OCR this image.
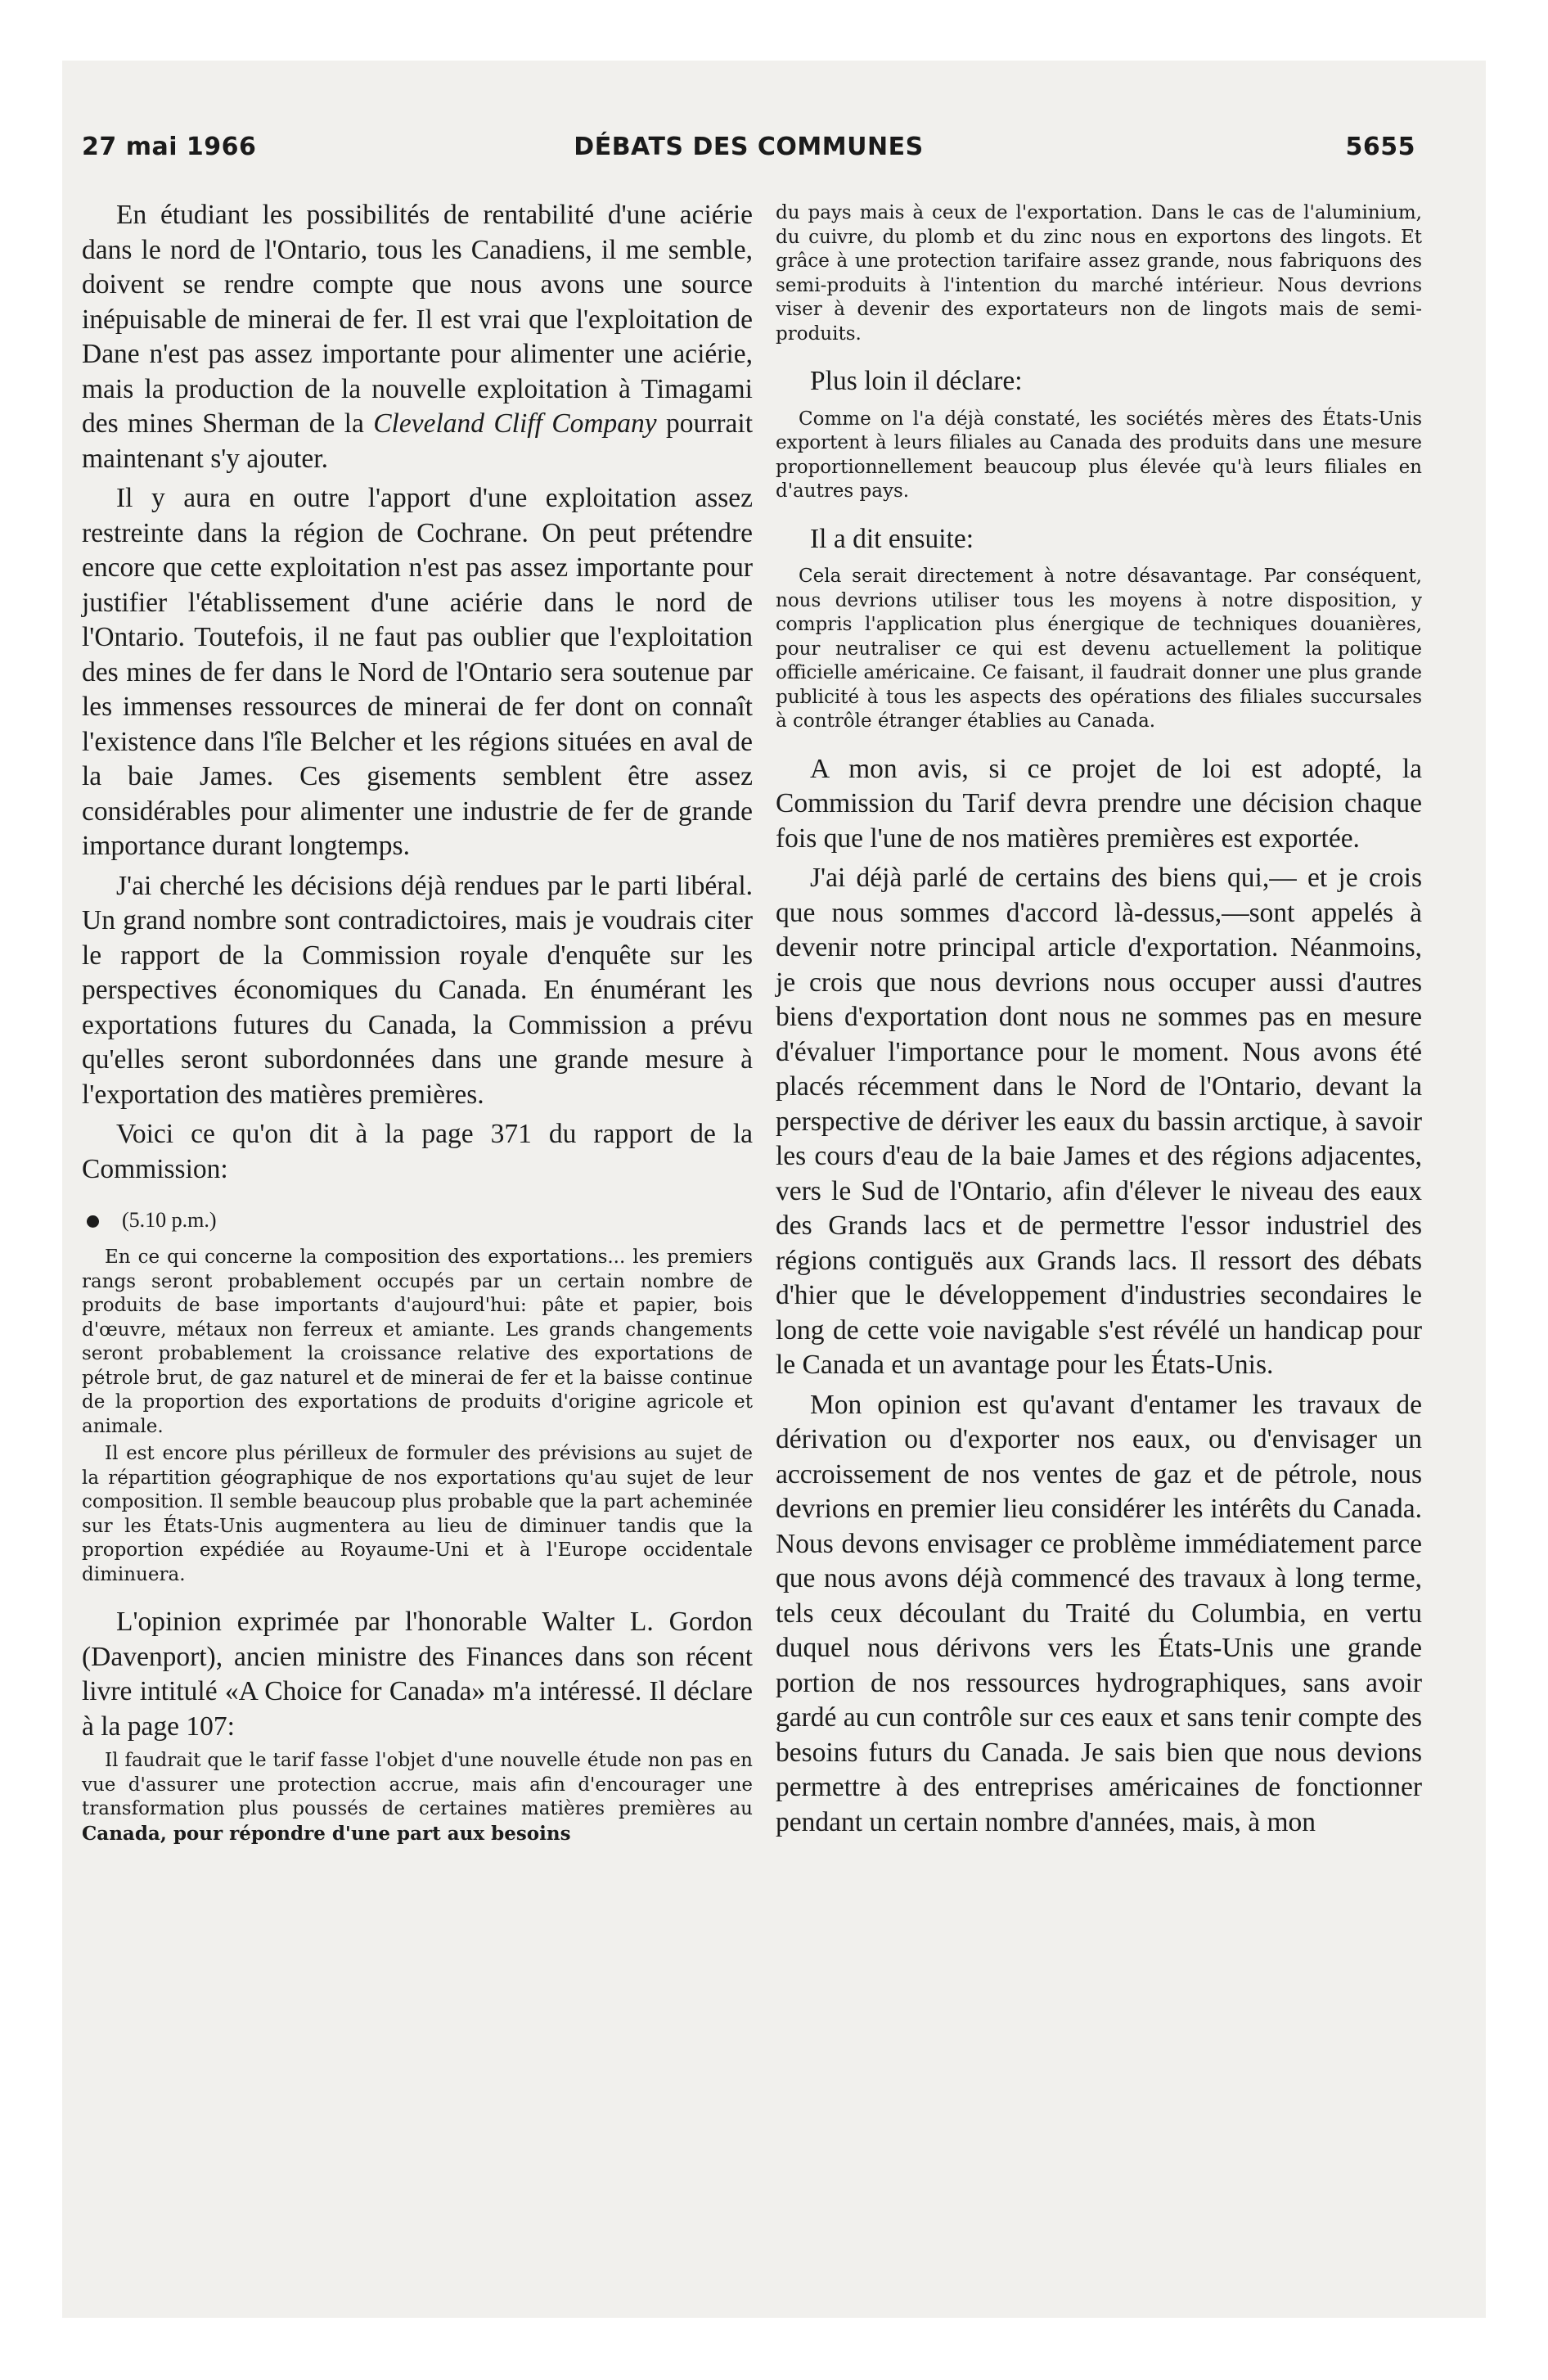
27 mai 1966	DÉBATS DES COMMUNES	5655

En étudiant les possibilités de rentabilité d'une aciérie dans le nord de l'Ontario, tous les Canadiens, il me semble, doivent se rendre compte que nous avons une source inépuisable de minerai de fer. Il est vrai que l'exploitation de Dane n'est pas assez importante pour alimenter une aciérie, mais la production de la nouvelle exploitation à Timagami des mines Sherman de la Cleveland Cliff Company pourrait maintenant s'y ajouter.

Il y aura en outre l'apport d'une exploitation assez restreinte dans la région de Cochrane. On peut prétendre encore que cette exploitation n'est pas assez importante pour justifier l'établissement d'une aciérie dans le nord de l'Ontario. Toutefois, il ne faut pas oublier que l'exploitation des mines de fer dans le Nord de l'Ontario sera soutenue par les immenses ressources de minerai de fer dont on connaît l'existence dans l'île Belcher et les régions situées en aval de la baie James. Ces gisements semblent être assez considérables pour alimenter une industrie de fer de grande importance durant longtemps.

J'ai cherché les décisions déjà rendues par le parti libéral. Un grand nombre sont contradictoires, mais je voudrais citer le rapport de la Commission royale d'enquête sur les perspectives économiques du Canada. En énumérant les exportations futures du Canada, la Commission a prévu qu'elles seront subordonnées dans une grande mesure à l'exportation des matières premières.

Voici ce qu'on dit à la page 371 du rapport de la Commission:

(5.10 p.m.)

En ce qui concerne la composition des exportations... les premiers rangs seront probablement occupés par un certain nombre de produits de base importants d'aujourd'hui: pâte et papier, bois d'œuvre, métaux non ferreux et amiante. Les grands changements seront probablement la croissance relative des exportations de pétrole brut, de gaz naturel et de minerai de fer et la baisse continue de la proportion des exportations de produits d'origine agricole et animale.

Il est encore plus périlleux de formuler des prévisions au sujet de la répartition géographique de nos exportations qu'au sujet de leur composition. Il semble beaucoup plus probable que la part acheminée sur les États-Unis augmentera au lieu de diminuer tandis que la proportion expédiée au Royaume-Uni et à l'Europe occidentale diminuera.

L'opinion exprimée par l'honorable Walter L. Gordon (Davenport), ancien ministre des Finances dans son récent livre intitulé «A Choice for Canada» m'a intéressé. Il déclare à la page 107:

Il faudrait que le tarif fasse l'objet d'une nouvelle étude non pas en vue d'assurer une protection accrue, mais afin d'encourager une transformation plus poussés de certaines matières premières au Canada, pour répondre d'une part aux besoins

du pays mais à ceux de l'exportation. Dans le cas de l'aluminium, du cuivre, du plomb et du zinc nous en exportons des lingots. Et grâce à une protection tarifaire assez grande, nous fabriquons des semi-produits à l'intention du marché intérieur. Nous devrions viser à devenir des exportateurs non de lingots mais de semi-produits.

Plus loin il déclare:

Comme on l'a déjà constaté, les sociétés mères des États-Unis exportent à leurs filiales au Canada des produits dans une mesure proportionnellement beaucoup plus élevée qu'à leurs filiales en d'autres pays.

Il a dit ensuite:

Cela serait directement à notre désavantage. Par conséquent, nous devrions utiliser tous les moyens à notre disposition, y compris l'application plus énergique de techniques douanières, pour neutraliser ce qui est devenu actuellement la politique officielle américaine. Ce faisant, il faudrait donner une plus grande publicité à tous les aspects des opérations des filiales succursales à contrôle étranger établies au Canada.

A mon avis, si ce projet de loi est adopté, la Commission du Tarif devra prendre une décision chaque fois que l'une de nos matières premières est exportée.

J'ai déjà parlé de certains des biens qui,— et je crois que nous sommes d'accord là-dessus,—sont appelés à devenir notre principal article d'exportation. Néanmoins, je crois que nous devrions nous occuper aussi d'autres biens d'exportation dont nous ne sommes pas en mesure d'évaluer l'importance pour le moment. Nous avons été placés récemment dans le Nord de l'Ontario, devant la perspective de dériver les eaux du bassin arctique, à savoir les cours d'eau de la baie James et des régions adjacentes, vers le Sud de l'Ontario, afin d'élever le niveau des eaux des Grands lacs et de permettre l'essor industriel des régions contiguës aux Grands lacs. Il ressort des débats d'hier que le développement d'industries secondaires le long de cette voie navigable s'est révélé un handicap pour le Canada et un avantage pour les États-Unis.

Mon opinion est qu'avant d'entamer les travaux de dérivation ou d'exporter nos eaux, ou d'envisager un accroissement de nos ventes de gaz et de pétrole, nous devrions en premier lieu considérer les intérêts du Canada. Nous devons envisager ce problème immédiatement parce que nous avons déjà commencé des travaux à long terme, tels ceux découlant du Traité du Columbia, en vertu duquel nous dérivons vers les États-Unis une grande portion de nos ressources hydrographiques, sans avoir gardé au cun contrôle sur ces eaux et sans tenir compte des besoins futurs du Canada. Je sais bien que nous devions permettre à des entreprises américaines de fonctionner pendant un certain nombre d'années, mais, à mon
